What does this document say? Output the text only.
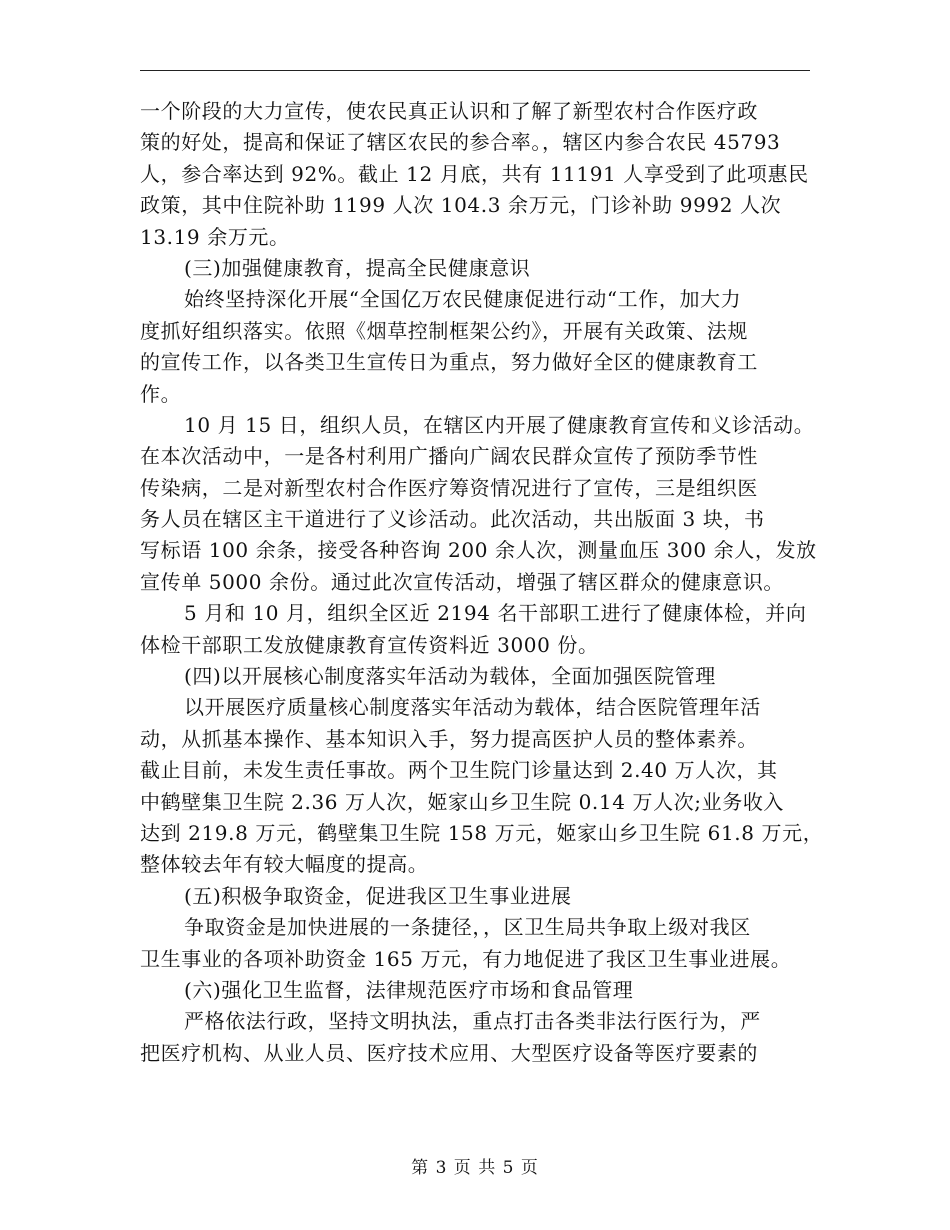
一个阶段的大力宣传，使农民真正认识和了解了新型农村合作医疗政
策的好处，提高和保证了辖区农民的参合率。，辖区内参合农民 45793
人，参合率达到 92%。截止 12 月底，共有 11191 人享受到了此项惠民
政策，其中住院补助 1199 人次 104.3 余万元，门诊补助 9992 人次
13.19 余万元。
(三)加强健康教育，提高全民健康意识
始终坚持深化开展“全国亿万农民健康促进行动“工作，加大力
度抓好组织落实。依照《烟草控制框架公约》，开展有关政策、法规
的宣传工作，以各类卫生宣传日为重点，努力做好全区的健康教育工
作。
10 月 15 日，组织人员，在辖区内开展了健康教育宣传和义诊活动。
在本次活动中，一是各村利用广播向广阔农民群众宣传了预防季节性
传染病，二是对新型农村合作医疗筹资情况进行了宣传，三是组织医
务人员在辖区主干道进行了义诊活动。此次活动，共出版面 3 块，书
写标语 100 余条，接受各种咨询 200 余人次，测量血压 300 余人，发放
宣传单 5000 余份。通过此次宣传活动，增强了辖区群众的健康意识。
5 月和 10 月，组织全区近 2194 名干部职工进行了健康体检，并向
体检干部职工发放健康教育宣传资料近 3000 份。
(四)以开展核心制度落实年活动为载体，全面加强医院管理
以开展医疗质量核心制度落实年活动为载体，结合医院管理年活
动，从抓基本操作、基本知识入手，努力提高医护人员的整体素养。
截止目前，未发生责任事故。两个卫生院门诊量达到 2.40 万人次，其
中鹤壁集卫生院 2.36 万人次，姬家山乡卫生院 0.14 万人次;业务收入
达到 219.8 万元，鹤壁集卫生院 158 万元，姬家山乡卫生院 61.8 万元，
整体较去年有较大幅度的提高。
(五)积极争取资金，促进我区卫生事业进展
争取资金是加快进展的一条捷径，，区卫生局共争取上级对我区
卫生事业的各项补助资金 165 万元，有力地促进了我区卫生事业进展。
(六)强化卫生监督，法律规范医疗市场和食品管理
严格依法行政，坚持文明执法，重点打击各类非法行医行为，严
把医疗机构、从业人员、医疗技术应用、大型医疗设备等医疗要素的
第 3 页 共 5 页
